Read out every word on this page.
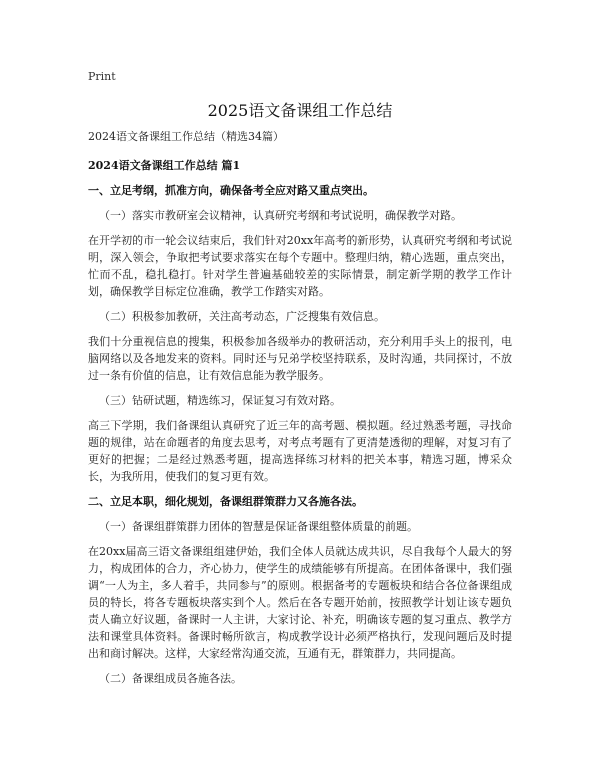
Print
2025语文备课组工作总结

2024语文备课组工作总结（精选34篇）

2024语文备课组工作总结 篇1

一、立足考纲，抓准方向，确保备考全应对路又重点突出。

（一）落实市教研室会议精神，认真研究考纲和考试说明，确保教学对路。

在开学初的市一轮会议结束后，我们针对20xx年高考的新形势，认真研究考纲和考试说明，深入领会，争取把考试要求落实在每个专题中。整理归纳，精心选题，重点突出，忙而不乱，稳扎稳打。针对学生普遍基础较差的实际情景，制定新学期的教学工作计划，确保教学目标定位准确，教学工作踏实对路。

（二）积极参加教研，关注高考动态，广泛搜集有效信息。

我们十分重视信息的搜集，积极参加各级举办的教研活动，充分利用手头上的报刊，电脑网络以及各地发来的资料。同时还与兄弟学校坚持联系，及时沟通，共同探讨，不放过一条有价值的信息，让有效信息能为教学服务。

（三）钻研试题，精选练习，保证复习有效对路。

高三下学期，我们备课组认真研究了近三年的高考题、模拟题。经过熟悉考题，寻找命题的规律，站在命题者的角度去思考，对考点考题有了更清楚透彻的理解，对复习有了更好的把握；二是经过熟悉考题，提高选择练习材料的把关本事，精选习题，博采众长，为我所用，使我们的复习更有效。

二、立足本职，细化规划，备课组群策群力又各施各法。

（一）备课组群策群力团体的智慧是保证备课组整体质量的前题。

在20xx届高三语文备课组组建伊始，我们全体人员就达成共识，尽自我每个人最大的努力，构成团体的合力，齐心协力，使学生的成绩能够有所提高。在团体备课中，我们强调“一人为主，多人着手，共同参与”的原则。根据备考的专题板块和结合各位备课组成员的特长，将各专题板块落实到个人。然后在各专题开始前，按照教学计划让该专题负责人确立好议题，备课时一人主讲，大家讨论、补充，明确该专题的复习重点、教学方法和课堂具体资料。备课时畅所欲言，构成教学设计必须严格执行，发现问题后及时提出和商讨解决。这样，大家经常沟通交流，互通有无，群策群力，共同提高。

（二）备课组成员各施各法。
